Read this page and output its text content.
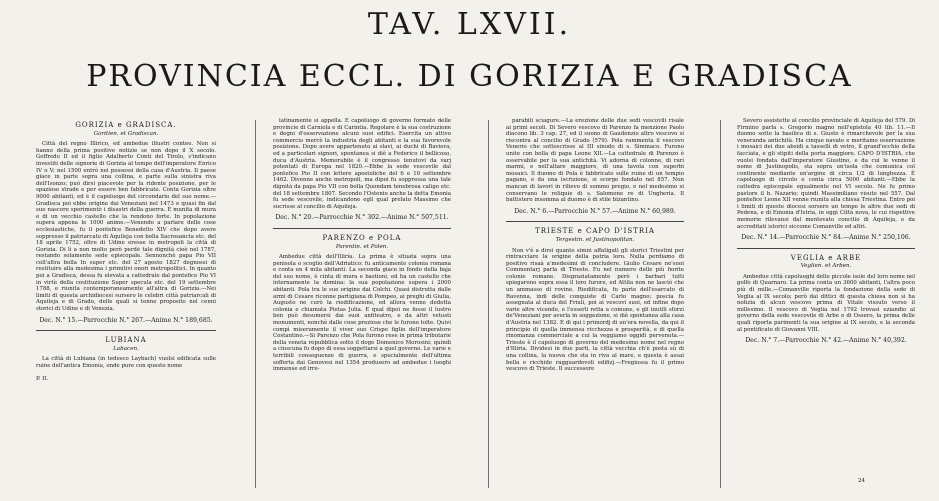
TAV. LXVII.
PROVINCIA ECCL. DI GORIZIA E GRADISCA
GORIZIA e GRADISCA.
Goritien. et Gradiscan.

Città del regno Illirico, ed ambedue illustri contee. Non si hanno della prima positive notizie se non dopo il X secolo. Goffredo II ed il figlio Adalberto Conti del Tirolo, s'indicano investiti delle signorie di Gorizia al tempo dell'imperatore Enrico IV o V; nel 1500 entrò nei possessi della casa d'Austria. Il paese giace in parte sopra una collina, e parte sulla sinistra riva dell'Isonzo; può dirsi piacevole per la ridente posizione, per le spaziose strade e per essere ben fabbricato. Conta Gorizia oltre 9000 abitanti, ed è il capoluogo del circondario del suo nome.—Gradisca poi ebbe origine dai Veneziani nel 1473 e quasi fin dal suo nascere sperimentò i disastri della guerra. È munita di mura e di un vecchio castello che la rendono forte. In popolazione supera appena le 1000 anime.—Venendo a parlare delle cose ecclesiastiche, fu il pontefice Benedetto XIV che dopo avere soppresso il patriarcato di Aquileja con bolla Sacrosancta etc. del 18 aprile 1752, oltre di Udine eresse in metropoli la città di Gorizia. Di lì a non molto però perdè tale dignità cioè nel 1787, restando solamente sede episcopale. Sennonchè papa Pio VII coll'altra bolla In super etc. del 27 agosto 1827 degnossi di restituire alla medesima i primitivi onori metropolitici. In quanto poi a Gradisca, dessa fu elevata a cattedrale dal pontefice Pio VI in virtù della costituzione Super specula etc. del 19 settembre 1788, e riunita contemporaneamente all'altra di Gorizia.—Nei limiti di questa archidiocesi sursero le celebri città patriarcali di Aquileja e di Grado, delle quali si tenne proposito nel cenni storici di Udine e di Venezia.

Dec. N.° 15.—Parrocchie N.° 267.—Anime N.° 189,685.
LUBIANA
Labacen.

La città di Lubiana (in tedesco Laybach) vuolsi edificata sulle ruine dell'antica Emonia, onde pure con questo nome

P. II.

latinamente si appella. È capoluogo di governo formato delle provincie di Carniola e di Carintia. Regolare è la sua costruzione e degni d'osservazione alcuni suoi edifici. Esercita un attivo commercio mercè la industria degli abitanti e la sua favorevole posizione. Dopo avere appartenuto ai slavi, ai duchi di Baviera, ed a particolari signori, spontanea si diè a Federico il bellicoso, duca d'Austria. Memorabile è il congresso tenutovi da varj potentati di Europa nel 1820.—Ebbe la sede vescovile dal pontefice Pio II con lettere apostoliche del 6 e 10 settembre 1462. Divenne anche metropoli, ma dipoi fu soppressa una tale dignità da papa Pio VII con bolla Quondam tenebrosa caligo etc. del 18 settembre 1807. Secondo l'Ostenio anche la detta Emonia fu sede vescovile, indicandone egli qual prelato Massimo che sucrisse al concilio di Aquileja.

Dec. N.° 20.—Parrocchie N.° 302.—Anime N.° 507,511.
PARENZO e POLA
Parentin. et Polen.

Ambedue città dell'Illiria. La prima è situata sopra una penisola o scoglio dell'Adriatico: fu anticamente colonia romana e conta un 4 mila abitanti. La seconda giace in fondo della baja del suo nome, è cinta di mura e bastioni, ed ha un castello che internamente la domina: la sua popolazione supera i 2000 abitanti. Pola tra le sue origine dai Colchi. Quasi distrutta dalle armi di Cesare riconne partigiana di Pompeo, ai preghi di Giulia, Augusto ne curò la riedificazione, ed allora venne dedotta colonia e chiamata Pietas Julia. E qual dipoi ne fosse il lustro ben può desumersi dai suoi anfiteatro, e da altri vetusti monumenti, nonchè dalle cose preziose che le furono tolte. Quivi compì miseramente il viver suo Crispo figlio dell'imperatore Costantino.—Si Parenzo che Pola furono rese in prima tributarie della veneta repubblica sotto il doge Domenico Morosini; quindi a cinscuna fu dopo di essa soggettarsi a quel governo. Le varie e terribili conseguenze di guerra, e specialmente dell'ultima sofferta dai Genovesi nel 1354 produsero ad ambedue i luoghi immense ed irre-

parabili sciagure.—La erezione delle due sedi vescovili risale ai primi secoli. Di Severo vescovo di Parenzo fa menzione Paolo diacono lib. 3 cap. 27, ed il suono di Gaudenzio altro vescovo si riscontra al concilio di Grado (579). Pola rammenta il vescovo Venerio che sottoscrisse al III sinodo di s. Simmaco. Furono unite con bolla di papa Leone XII.—La cattedrale di Parenzo è osservabile per la sua antichità. Vi adorna di colonne, di rari marmi, e nell'altare maggiore, di una tavola con superbi mosaici. Il duomo di Pola è fabbricato sulle ruine di un tempio pagano, e da una iscrizione, si scorge fondato nel 857. Non mancan di lavori in rilievo di sommo pregio, e nel medesimo si conservano le reliquie di s. Salomone re di Ungheria. Il battistero insomma al duomo è di stile bizantino.

Dec. N.° 6.—Parrocchie N.° 57.—Anime N.° 60,989.
TRIESTE e CAPO D'ISTRIA
Tergestin. et Justinopolitan.

Non v'è a dirsi quanto simni affatigati gli storici Triestini per rintracciare la origine della patria loro. Nulla perdiamo di positivo risaà a'medesimi di concludere. Giulio Cesare ne'suoi Commentarj parla di Trieste. Fu nel numero delle più fiorite colonie romane. Disgraziatamente però i barbari tutti spiegarono sopra essa il loro furore, ed Attila non ne lasciò che un ammasso di rovine. Riedificata, fu parte dell'esarcato di Ravenna, indi delle conquiste di Carlo magno; poscia fu assegnata al duca del Friuli, poi ai vescovi suoi, ed infine dopo varie altre vicende, e l'esserli retta a comune, e gli inutili sforzi de'Veneziani per averla in soggezione, si diè spontanea alla casa d'Austria nel 1382. E di qui i primordj di un'era novella, da qui il principio di quella immensa ricchezza e prosperità, e di quella rinomanza commerciale a cui la veggiamo oggidì pervenuta.—Trieste è il capoluogo di governo del medesimo nome nel regno d'Illiria. Dividesi in due parti, la città vecchia ch'è posta sù di una collina, la nuova che sta in riva al mare, e questa è assai bella e ricchide ragguardevoli edifizj.—Fregiossa fu il primo vescovo di Trieste. Il successore

Severo assistette al concilio provinciale di Aquileja del 579. Di Firmino parla s. Gregorio magno nell'epistola 40 lib. 11.—Il duomo sotto la basilica di s. Giusto è rimarchevole per la sua veneranda antichità. Ha cinque navate e meritamo osservazione i mosaici dei due absidi a tassellì di vetro, il grand'occhio della facciata, e gli stipiti della porta maggiore. CAPO D'ISTRIA, che vuolsi fondata dall'imperatore Giustino, e da cui le venne il nome di Justinopolis, sta sopra un'isola che comunica col continente mediante un'argine di circa 1/2 di lunghezza. È capoluogo di circolo e conta circa 5000 abitanti.—Ebbe la cattedra episcopale egualmente nel VI secolo. Ne fu primo pastore il b. Nazario; quindi Massimiliano visuto nel 557. Dal pontefice Leone XII venne riunita alla chiesa Triestina. Entro poi i limiti di queste diocesi sorsero un tempo le altre due sedi di Pedena, e di Emonia d'Istria, in oggi Città nova, le cui rispettive memorie rilevansi dal mentovato concilio di Aquileja, e da accreditati istorici siccome Comanville ed altri.

Dec. N.° 14.—Parrocchie N.° 84.—Anime N.° 250,106.
VEGLIA e ARBE
Veglien. et Arben.

Ambedue città capoluoghi delle piccole isole del loro nome nel golfo di Quarnaro. La prima conta un 3600 abitanti, l'altra poco più di mille.—Comanville riporta la fondazione della sede di Veglia al IX secolo; però dai dittici di questa chiesa non si ha notizia di alcun vescovo prima di Vitale vissuto verso il millesimo. Il vescovo di Veglia nel 1792 trovasi eziandio al governo della sede vescovile di Arbe e di Ossero, la prima delle quali riporta parimenti la sua origine al IX secolo, e la seconda al pontificato di Giovanni VIII.

Dec. N.° 7.—Parrocchie N.° 42.—Anime N.° 40,392.
24
